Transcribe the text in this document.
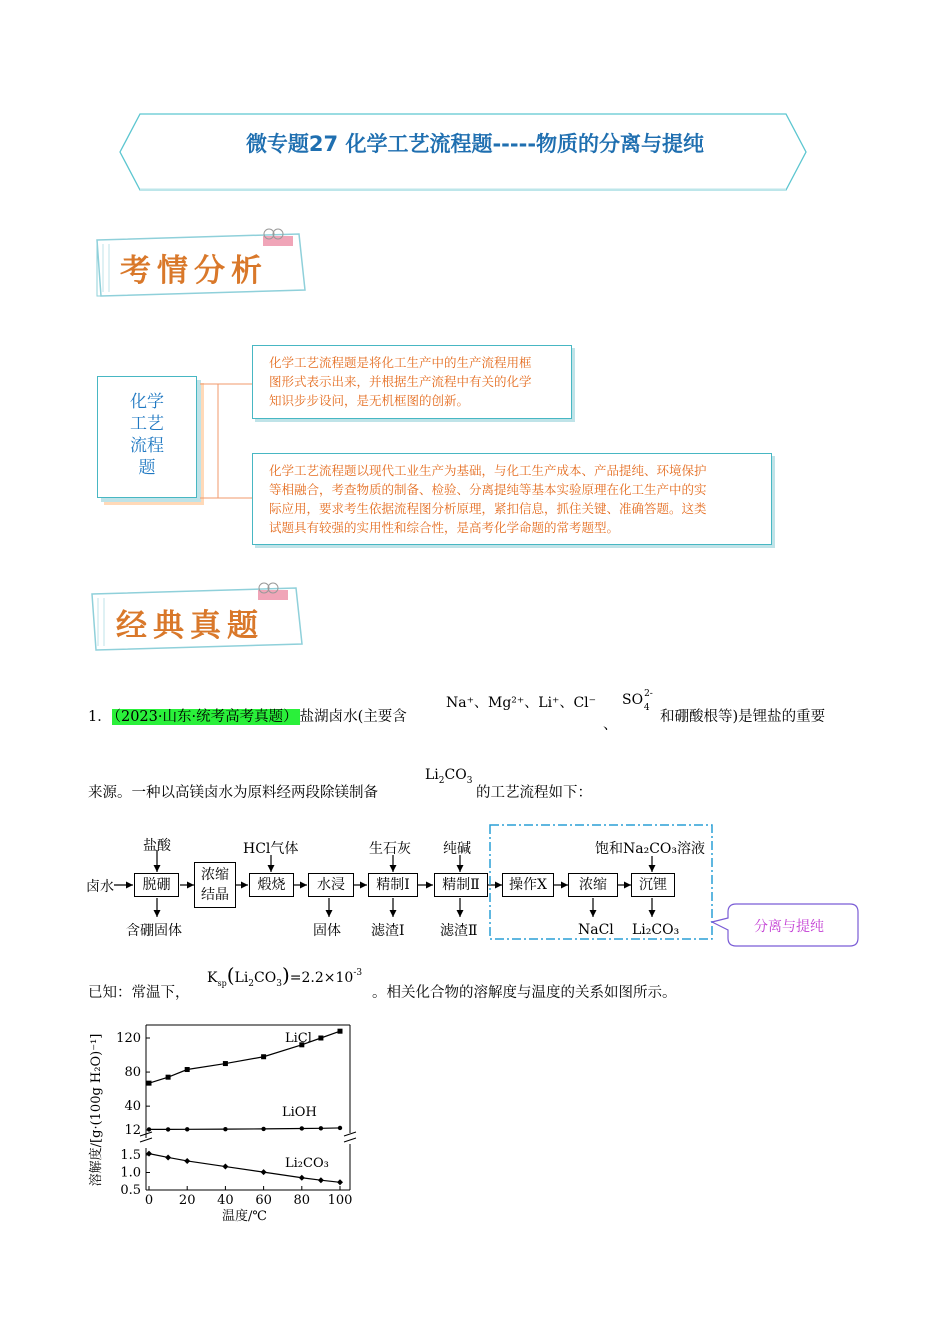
微专题27 化学工艺流程题-----物质的分离与提纯
考情分析
化学
工艺
流程
题
化学工艺流程题是将化工生产中的生产流程用框
图形式表示出来，并根据生产流程中有关的化学
知识步步设问，是无机框图的创新。
化学工艺流程题以现代工业生产为基础，与化工生产成本、产品提纯、环境保护
等相融合，考查物质的制备、检验、分离提纯等基本实验原理在化工生产中的实
际应用，要求考生依据流程图分析原理，紧扣信息，抓住关键、准确答题。这类
试题具有较强的实用性和综合性，是高考化学命题的常考题型。
经典真题
1． （2023·山东·统考高考真题） 盐湖卤水(主要含
Na⁺、Mg²⁺、Li⁺、Cl⁻
、
$SO^{2-}_4$
和硼酸根等)是锂盐的重要
来源。一种以高镁卤水为原料经两段除镁制备
$Li_2CO_3$
的工艺流程如下：
卤水	脱硼
浓缩结晶
煅烧	水浸	精制Ⅰ	精制Ⅱ	操作X	浓缩	沉锂
盐酸	HCl气体	生石灰 纯碱	饱和Na₂CO₃溶液
含硼固体	固体 滤渣Ⅰ	滤渣Ⅱ	NaCl Li₂CO₃	分离与提纯
已知：常温下，
$K_{sp}(Li_2CO_3)=2.2\times 10^{-3}$
。相关化合物的溶解度与温度的关系如图所示。
0 20 40 60 80 100
12
40
80
120
0.5
1.0
1.5
LiCl
LiOH
Li₂CO₃
温度/℃
溶解度/[g·(100g H₂O)⁻¹]
